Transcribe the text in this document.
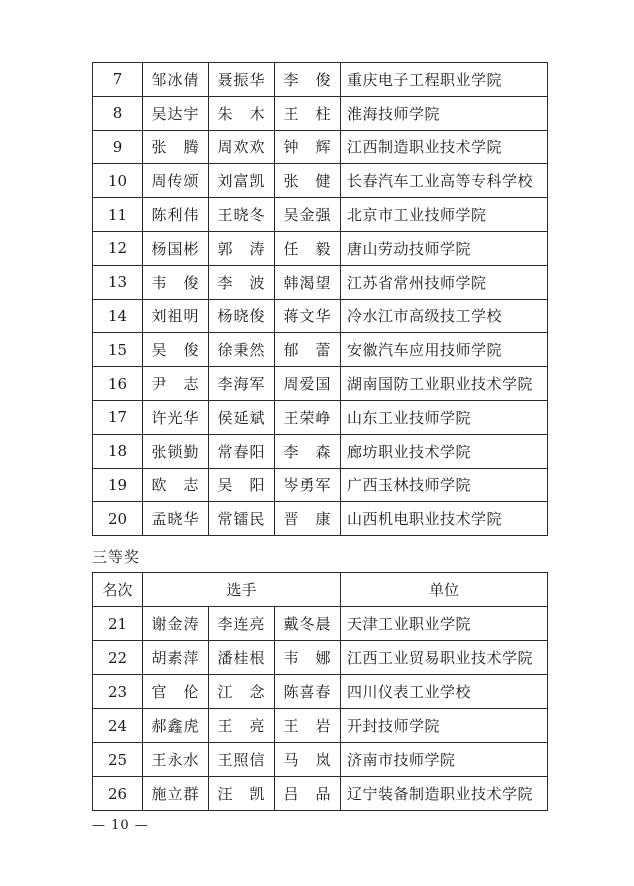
7	邹冰倩	聂振华	李　俊	重庆电子工程职业学院
8	吴达宇	朱　木	王　柱	淮海技师学院
9	张　腾	周欢欢	钟　辉	江西制造职业技术学院
10	周传颂	刘富凯	张　健	长春汽车工业高等专科学校
11	陈利伟	王晓冬	吴金强	北京市工业技师学院
12	杨国彬	郭　涛	任　毅	唐山劳动技师学院
13	韦　俊	李　波	韩渴望	江苏省常州技师学院
14	刘祖明	杨晓俊	蒋文华	冷水江市高级技工学校
15	吴　俊	徐秉然	郁　蕾	安徽汽车应用技师学院
16	尹　志	李海军	周爱国	湖南国防工业职业技术学院
17	许光华	侯延斌	王荣峥	山东工业技师学院
18	张锁勤	常春阳	李　森	廊坊职业技术学院
19	欧　志	吴　阳	岑勇军	广西玉林技师学院
20	孟晓华	常镭民	晋　康	山西机电职业技术学院
三等奖
名次	选手			单位
21	谢金涛	李连亮	戴冬晨	天津工业职业学院
22	胡素萍	潘桂根	韦　娜	江西工业贸易职业技术学院
23	官　伦	江　念	陈喜春	四川仪表工业学校
24	郝鑫虎	王　亮	王　岩	开封技师学院
25	王永水	王照信	马　岚	济南市技师学院
26	施立群	汪　凯	吕　品	辽宁装备制造职业技术学院
— 10 —
